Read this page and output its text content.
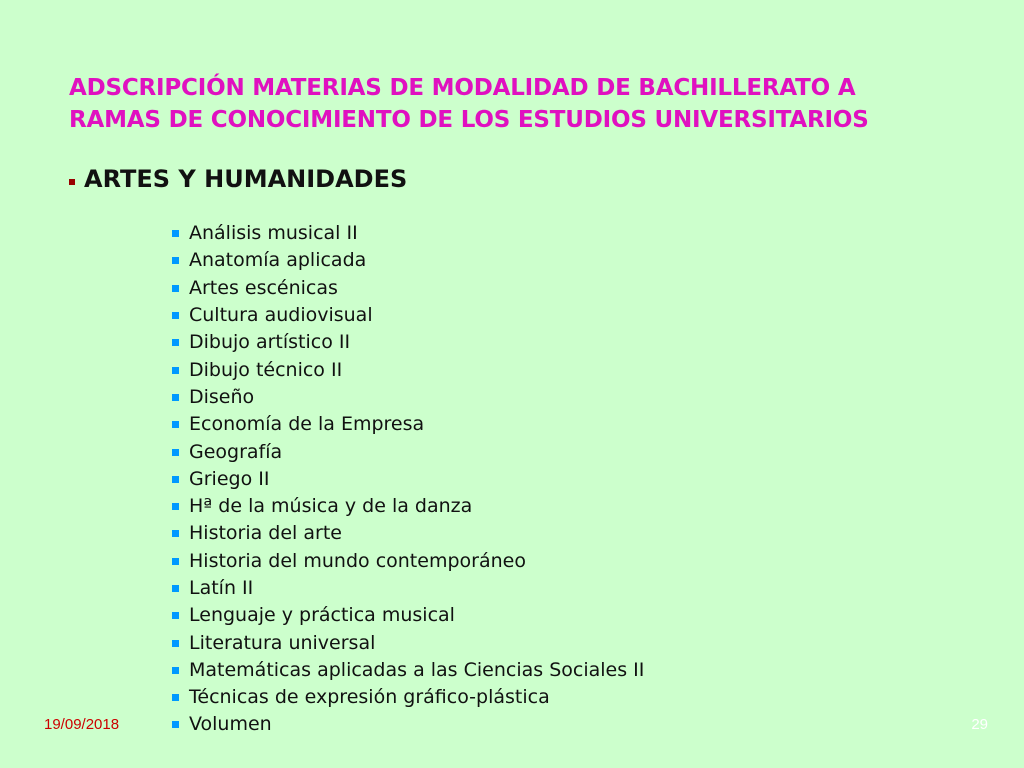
ADSCRIPCIÓN MATERIAS DE MODALIDAD DE BACHILLERATO A
RAMAS DE CONOCIMIENTO DE LOS ESTUDIOS UNIVERSITARIOS
ARTES Y HUMANIDADES
Análisis musical II
Anatomía aplicada
Artes escénicas
Cultura audiovisual
Dibujo artístico II
Dibujo técnico II
Diseño
Economía de la Empresa
Geografía
Griego II
Hª de la música y de la danza
Historia del arte
Historia del mundo contemporáneo
Latín II
Lenguaje y práctica musical
Literatura universal
Matemáticas aplicadas a las Ciencias Sociales II
Técnicas de expresión gráfico-plástica
Volumen
19/09/2018	29
